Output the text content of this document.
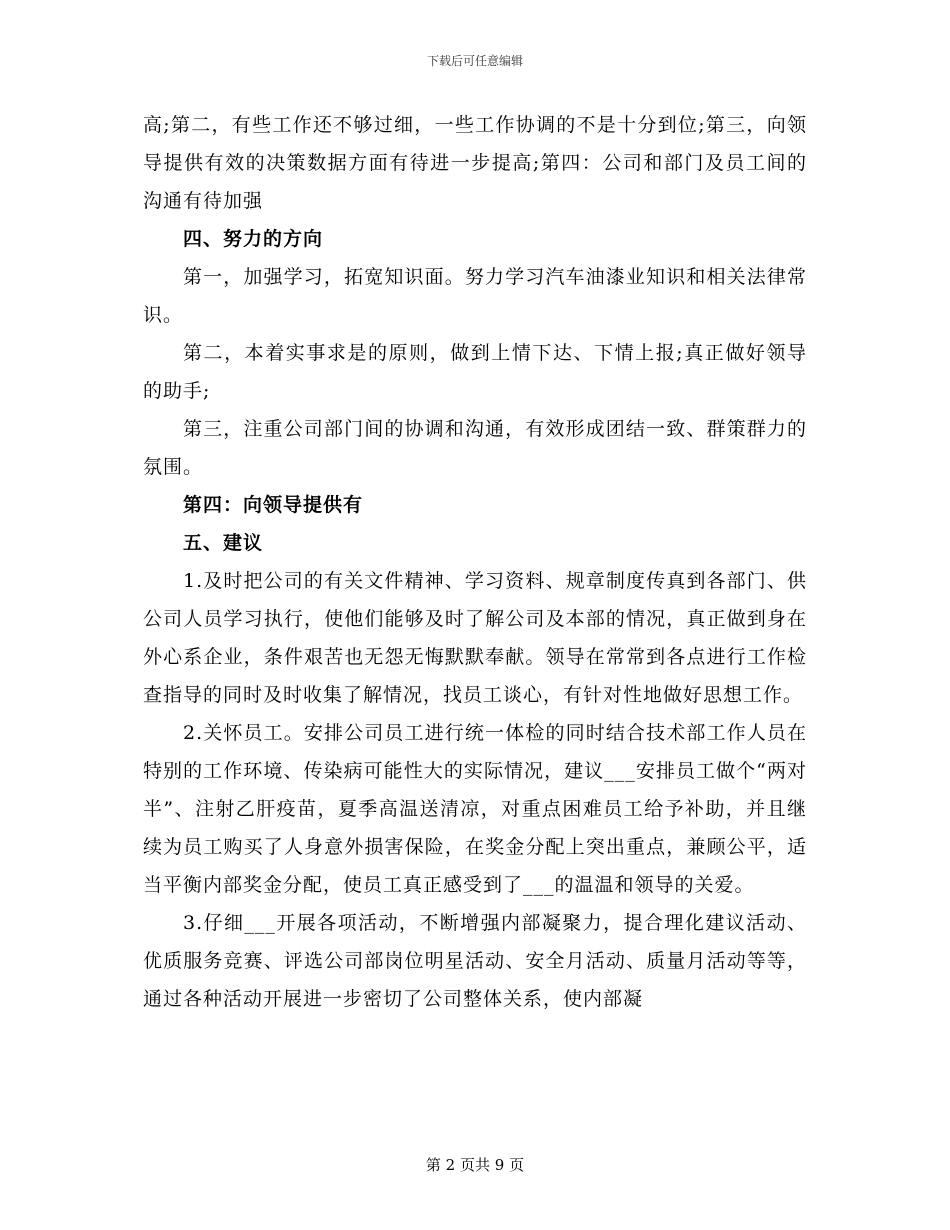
下载后可任意编辑

高;第二，有些工作还不够过细，一些工作协调的不是十分到位;第三，向领导提供有效的决策数据方面有待进一步提高;第四：公司和部门及员工间的沟通有待加强

四、努力的方向

第一，加强学习，拓宽知识面。努力学习汽车油漆业知识和相关法律常识。

第二，本着实事求是的原则，做到上情下达、下情上报;真正做好领导的助手;

第三，注重公司部门间的协调和沟通，有效形成团结一致、群策群力的氛围。

第四：向领导提供有

五、建议

1.及时把公司的有关文件精神、学习资料、规章制度传真到各部门、供公司人员学习执行，使他们能够及时了解公司及本部的情况，真正做到身在外心系企业，条件艰苦也无怨无悔默默奉献。领导在常常到各点进行工作检查指导的同时及时收集了解情况，找员工谈心，有针对性地做好思想工作。

2.关怀员工。安排公司员工进行统一体检的同时结合技术部工作人员在特别的工作环境、传染病可能性大的实际情况，建议___安排员工做个“两对半”、注射乙肝疫苗，夏季高温送清凉，对重点困难员工给予补助，并且继续为员工购买了人身意外损害保险，在奖金分配上突出重点，兼顾公平，适当平衡内部奖金分配，使员工真正感受到了___的温温和领导的关爱。

3.仔细___开展各项活动，不断增强内部凝聚力，提合理化建议活动、优质服务竞赛、评选公司部岗位明星活动、安全月活动、质量月活动等等，通过各种活动开展进一步密切了公司整体关系，使内部凝

第 2 页共 9 页
